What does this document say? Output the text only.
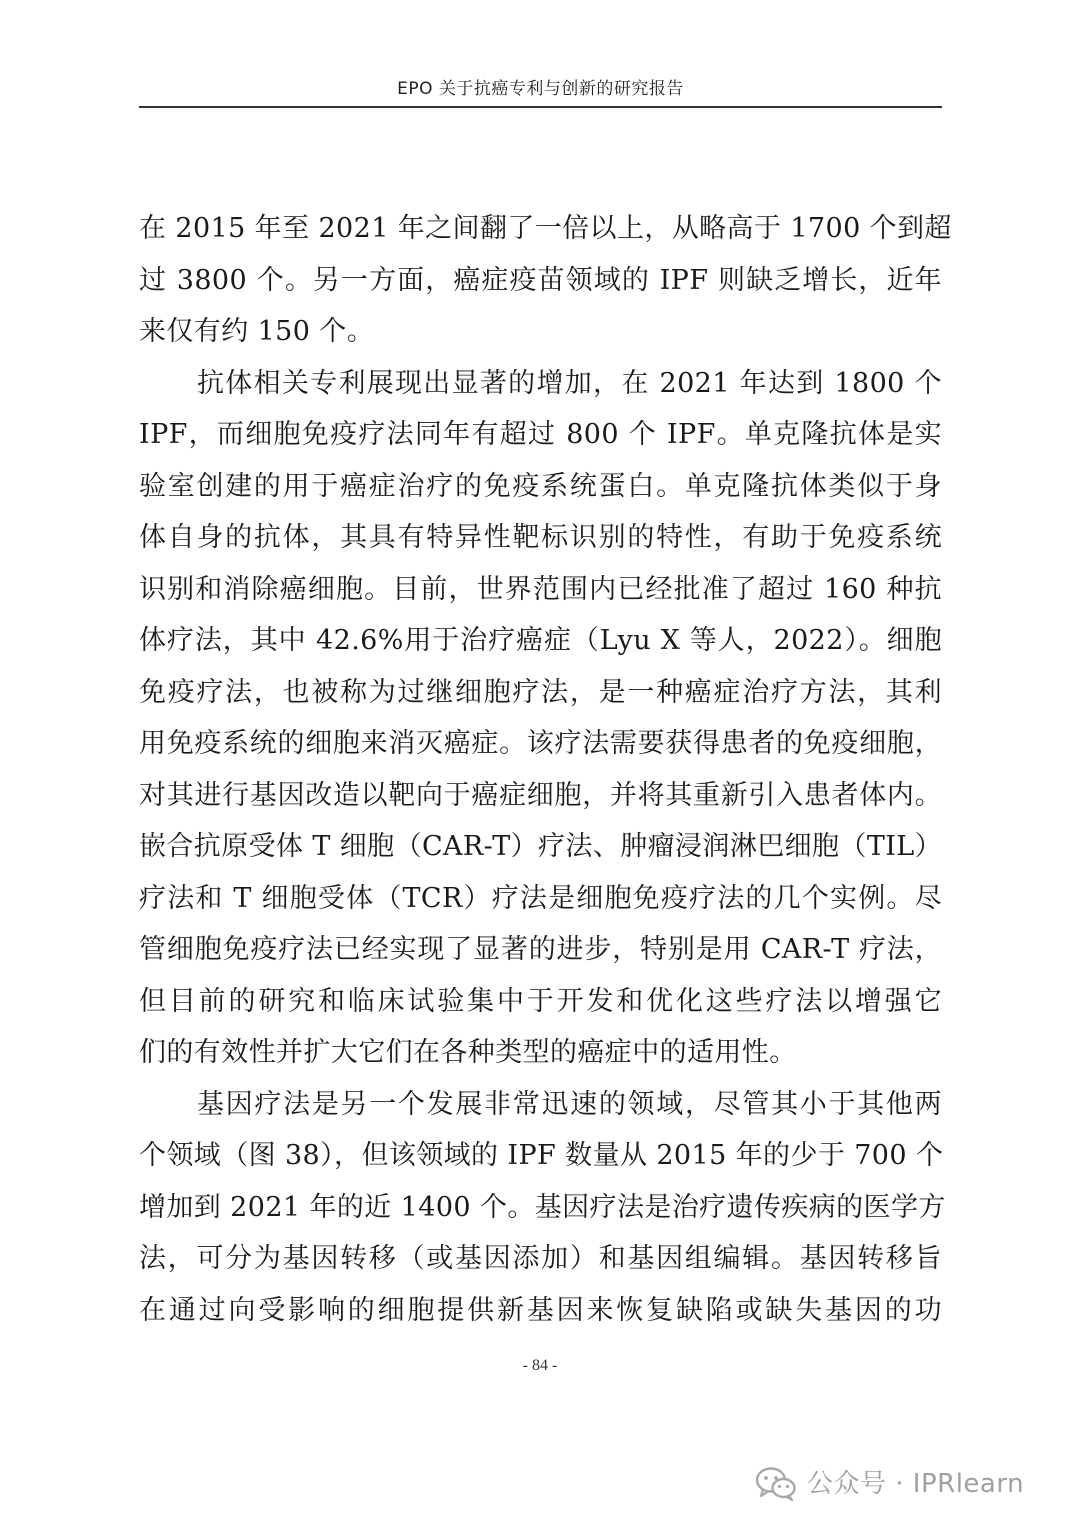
EPO 关于抗癌专利与创新的研究报告
在 2015 年至 2021 年之间翻了一倍以上，从略高于 1700 个到超
过 3800 个。另一方面，癌症疫苗领域的 IPF 则缺乏增长，近年
来仅有约 150 个。
抗体相关专利展现出显著的增加，在 2021 年达到 1800 个
IPF，而细胞免疫疗法同年有超过 800 个 IPF。单克隆抗体是实
验室创建的用于癌症治疗的免疫系统蛋白。单克隆抗体类似于身
体自身的抗体，其具有特异性靶标识别的特性，有助于免疫系统
识别和消除癌细胞。目前，世界范围内已经批准了超过 160 种抗
体疗法，其中 42.6%用于治疗癌症（Lyu X 等人，2022）。细胞
免疫疗法，也被称为过继细胞疗法，是一种癌症治疗方法，其利
用免疫系统的细胞来消灭癌症。该疗法需要获得患者的免疫细胞，
对其进行基因改造以靶向于癌症细胞，并将其重新引入患者体内。
嵌合抗原受体 T 细胞（CAR-T）疗法、肿瘤浸润淋巴细胞（TIL）
疗法和 T 细胞受体（TCR）疗法是细胞免疫疗法的几个实例。尽
管细胞免疫疗法已经实现了显著的进步，特别是用 CAR-T 疗法，
但目前的研究和临床试验集中于开发和优化这些疗法以增强它
们的有效性并扩大它们在各种类型的癌症中的适用性。
基因疗法是另一个发展非常迅速的领域，尽管其小于其他两
个领域（图 38），但该领域的 IPF 数量从 2015 年的少于 700 个
增加到 2021 年的近 1400 个。基因疗法是治疗遗传疾病的医学方
法，可分为基因转移（或基因添加）和基因组编辑。基因转移旨
在通过向受影响的细胞提供新基因来恢复缺陷或缺失基因的功
- 84 -
公众号 · IPRlearn
